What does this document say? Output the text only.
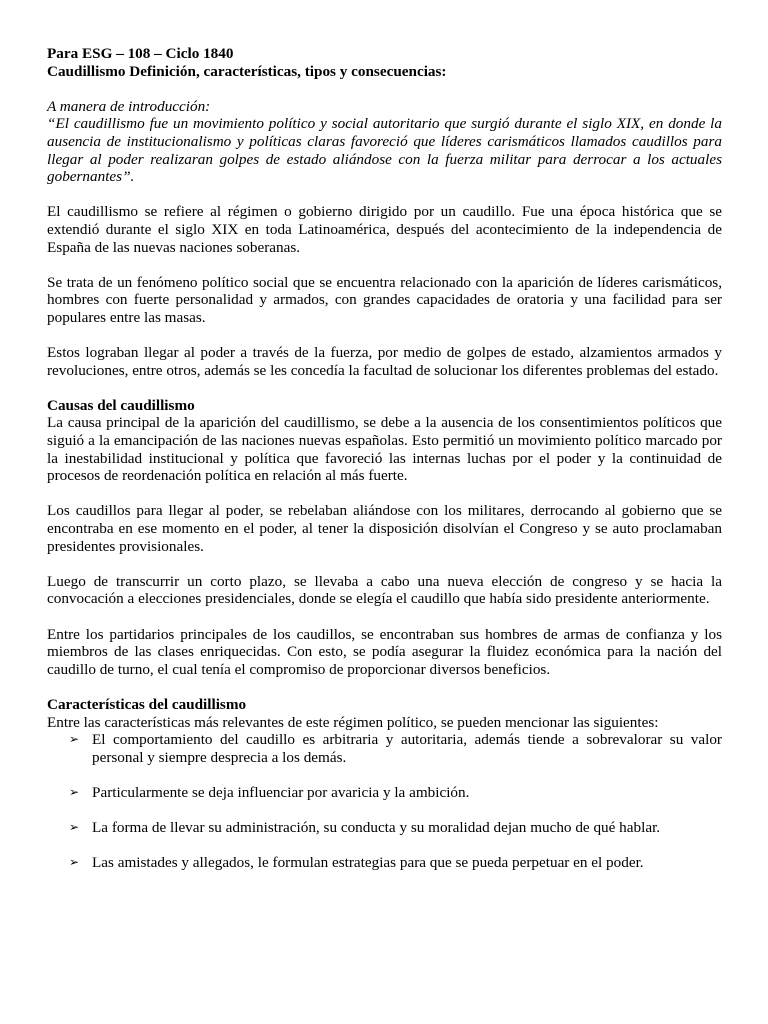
Para ESG – 108 – Ciclo 1840
Caudillismo Definición, características, tipos y consecuencias:
A manera de introducción:

“El caudillismo fue un movimiento político y social autoritario que surgió durante el siglo XIX, en donde la ausencia de institucionalismo y políticas claras favoreció que líderes carismáticos llamados caudillos para llegar al poder realizaran golpes de estado aliándose con la fuerza militar para derrocar a los actuales gobernantes”.

El caudillismo se refiere al régimen o gobierno dirigido por un caudillo. Fue una época histórica que se extendió durante el siglo XIX en toda Latinoamérica, después del acontecimiento de la independencia de España de las nuevas naciones soberanas.

Se trata de un fenómeno político social que se encuentra relacionado con la aparición de líderes carismáticos, hombres con fuerte personalidad y armados, con grandes capacidades de oratoria y una facilidad para ser populares entre las masas.

Estos lograban llegar al poder a través de la fuerza, por medio de golpes de estado, alzamientos armados y revoluciones, entre otros, además se les concedía la facultad de solucionar los diferentes problemas del estado.

Causas del caudillismo

La causa principal de la aparición del caudillismo, se debe a la ausencia de los consentimientos políticos que siguió a la emancipación de las naciones nuevas españolas. Esto permitió un movimiento político marcado por la inestabilidad institucional y política que favoreció las internas luchas por el poder y la continuidad de procesos de reordenación política en relación al más fuerte.

Los caudillos para llegar al poder, se rebelaban aliándose con los militares, derrocando al gobierno que se encontraba en ese momento en el poder, al tener la disposición disolvían el Congreso y se auto proclamaban presidentes provisionales.

Luego de transcurrir un corto plazo, se llevaba a cabo una nueva elección de congreso y se hacia la convocación a elecciones presidenciales, donde se elegía el caudillo que había sido presidente anteriormente.

Entre los partidarios principales de los caudillos, se encontraban sus hombres de armas de confianza y los miembros de las clases enriquecidas. Con esto, se podía asegurar la fluidez económica para la nación del caudillo de turno, el cual tenía el compromiso de proporcionar diversos beneficios.

Características del caudillismo

Entre las características más relevantes de este régimen político, se pueden mencionar las siguientes:

➢ El comportamiento del caudillo es arbitraria y autoritaria, además tiende a sobrevalorar su valor personal y siempre desprecia a los demás.
➢ Particularmente se deja influenciar por avaricia y la ambición.
➢ La forma de llevar su administración, su conducta y su moralidad dejan mucho de qué hablar.
➢ Las amistades y allegados, le formulan estrategias para que se pueda perpetuar en el poder.
